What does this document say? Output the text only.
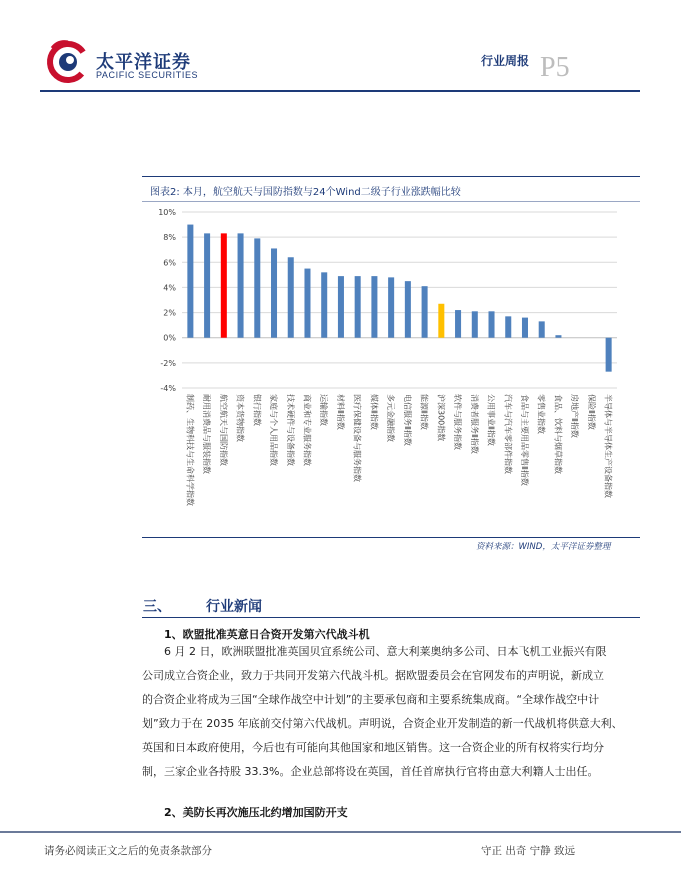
太平洋证券
PACIFIC SECURITIES
行业周报 P5
图表2: 本月，航空航天与国防指数与24个Wind二级子行业涨跌幅比较
10%
8%
6%
4%
2%
0%
-2%
-4%
制药、生物科技与生命科学指数 耐用消费品与服装指数 航空航天与国防指数 资本货物指数 银行指数 家庭与个人用品指数 技术硬件与设备指数 商业和专业服务指数 运输指数 材料Ⅱ指数 医疗保健设备与服务指数 媒体Ⅱ指数 多元金融指数 电信服务Ⅱ指数 能源Ⅱ指数 沪深300指数 软件与服务指数 消费者服务Ⅱ指数 公用事业Ⅱ指数 汽车与汽车零部件指数 食品与主要用品零售Ⅱ指数 零售业指数 食品、饮料与烟草指数 房地产Ⅱ指数 保险Ⅱ指数 半导体与半导体生产设备指数
资料来源：WIND，太平洋证券整理
三、	行业新闻
1、欧盟批准英意日合资开发第六代战斗机
6 月 2 日，欧洲联盟批准英国贝宜系统公司、意大利莱奥纳多公司、日本飞机工业振兴有限
公司成立合资企业，致力于共同开发第六代战斗机。据欧盟委员会在官网发布的声明说，新成立
的合资企业将成为三国“全球作战空中计划”的主要承包商和主要系统集成商。“全球作战空中计
划”致力于在 2035 年底前交付第六代战机。声明说，合资企业开发制造的新一代战机将供意大利、
英国和日本政府使用，今后也有可能向其他国家和地区销售。这一合资企业的所有权将实行均分
制，三家企业各持股 33.3%。企业总部将设在英国，首任首席执行官将由意大利籍人士出任。
2、美防长再次施压北约增加国防开支
请务必阅读正文之后的免责条款部分	守正 出奇 宁静 致远
